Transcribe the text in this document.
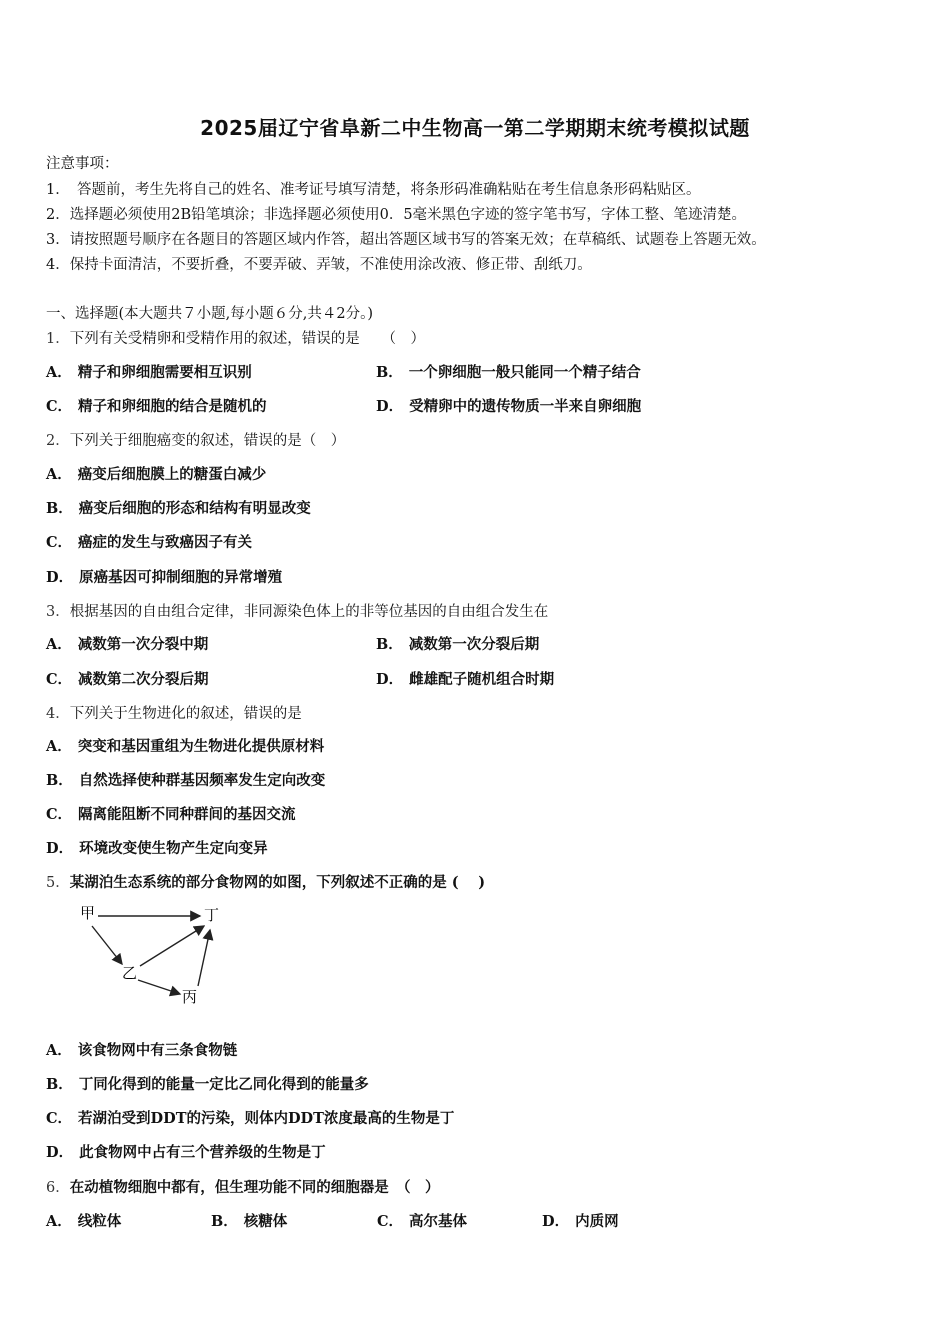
2025届辽宁省阜新二中生物高一第二学期期末统考模拟试题
注意事项：
1．　答题前，考生先将自己的姓名、准考证号填写清楚，将条形码准确粘贴在考生信息条形码粘贴区。
2．选择题必须使用2B铅笔填涂；非选择题必须使用0．5毫米黑色字迹的签字笔书写，字体工整、笔迹清楚。
3．请按照题号顺序在各题目的答题区域内作答，超出答题区域书写的答案无效；在草稿纸、试题卷上答题无效。
4．保持卡面清洁，不要折叠，不要弄破、弄皱，不准使用涂改液、修正带、刮纸刀。
一、选择题(本大题共７小题,每小题６分,共４2分。)
1．下列有关受精卵和受精作用的叙述，错误的是　　（　）
A． 精子和卵细胞需要相互识别	B． 一个卵细胞一般只能同一个精子结合
C． 精子和卵细胞的结合是随机的	D． 受精卵中的遗传物质一半来自卵细胞
2．下列关于细胞癌变的叙述，错误的是（　）
A． 癌变后细胞膜上的糖蛋白减少
B． 癌变后细胞的形态和结构有明显改变
C． 癌症的发生与致癌因子有关
D． 原癌基因可抑制细胞的异常增殖
3．根据基因的自由组合定律，非同源染色体上的非等位基因的自由组合发生在
A． 减数第一次分裂中期	B． 减数第一次分裂后期
C． 减数第二次分裂后期	D． 雌雄配子随机组合时期
4．下列关于生物进化的叙述，错误的是
A． 突变和基因重组为生物进化提供原材料
B． 自然选择使种群基因频率发生定向改变
C． 隔离能阻断不同种群间的基因交流
D． 环境改变使生物产生定向变异
5．某湖泊生态系统的部分食物网的如图，下列叙述不正确的是 (　 )
甲	丁
乙
丙
A． 该食物网中有三条食物链
B． 丁同化得到的能量一定比乙同化得到的能量多
C． 若湖泊受到DDT的污染，则体内DDT浓度最高的生物是丁
D． 此食物网中占有三个营养级的生物是丁
6．在动植物细胞中都有，但生理功能不同的细胞器是　（　）
A． 线粒体	B． 核糖体	C． 高尔基体	D． 内质网
